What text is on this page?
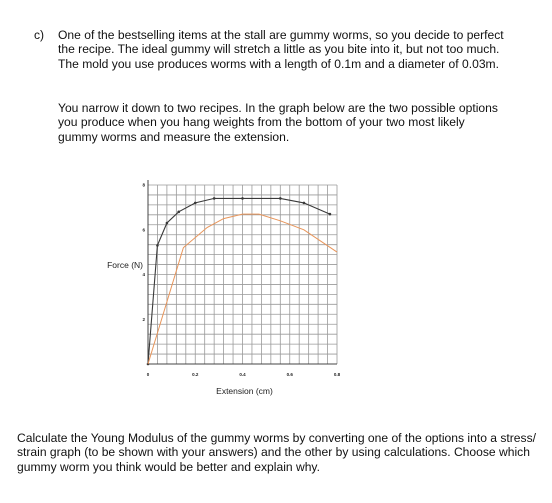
c)	One of the bestselling items at the stall are gummy worms, so you decide to perfect the recipe. The ideal gummy will stretch a little as you bite into it, but not too much. The mold you use produces worms with a length of 0.1m and a diameter of 0.03m.

You narrow it down to two recipes. In the graph below are the two possible options you produce when you hang weights from the bottom of your two most likely gummy worms and measure the extension.

0	0.2	0.4	0.6	0.8
2
4
6
8
Extension (cm)
Force (N)

Calculate the Young Modulus of the gummy worms by converting one of the options into a stress/ strain graph (to be shown with your answers) and the other by using calculations. Choose which gummy worm you think would be better and explain why.
